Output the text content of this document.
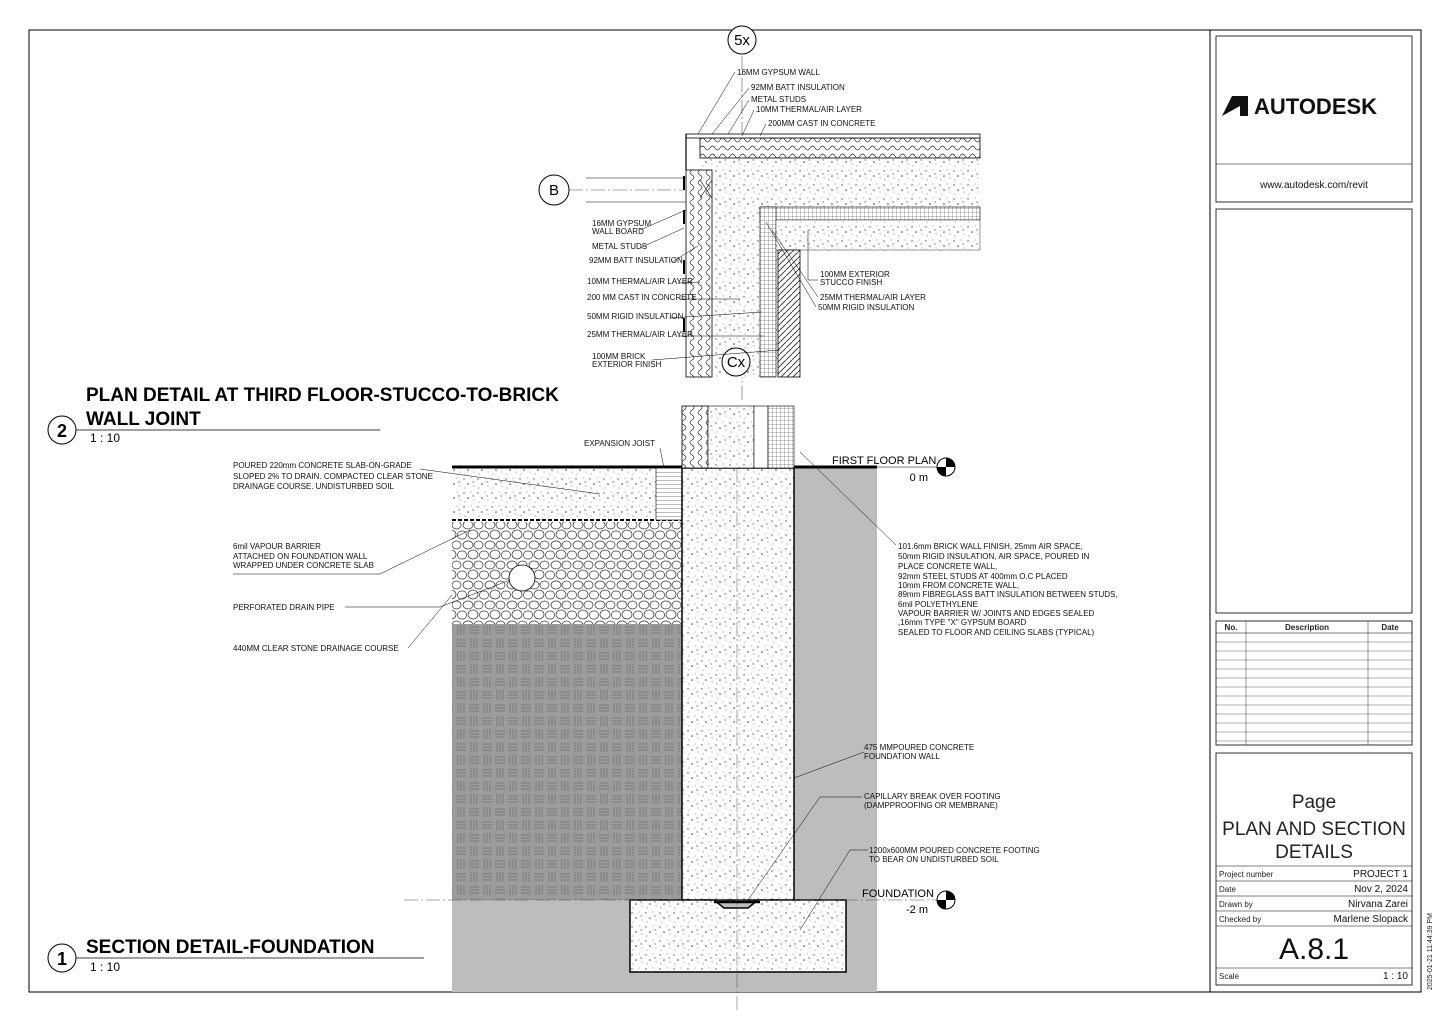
AUTODESK
www.autodesk.com/revit
No.	Description	Date
Page
PLAN AND SECTION
DETAILS
Project number	PROJECT 1
Date	Nov 2, 2024
Drawn by	Nirvana Zarei
Checked by	Marlene Slopack
A.8.1
Scale	1 : 10	2025-01-21 11:44:39 PM
5x
B
Cx
16MM GYPSUM WALL
92MM BATT INSULATION
METAL STUDS
10MM THERMAL/AIR LAYER
200MM CAST IN CONCRETE
16MM GYPSUM
WALL BOARD
METAL STUDS
92MM BATT INSULATION
10MM THERMAL/AIR LAYER
200 MM CAST IN CONCRETE
50MM RIGID INSULATION
25MM THERMAL/AIR LAYER
100MM BRICK
EXTERIOR FINISH
100MM EXTERIOR
STUCCO FINISH
25MM THERMAL/AIR LAYER
50MM RIGID INSULATION
2
PLAN DETAIL AT THIRD FLOOR-STUCCO-TO-BRICK
WALL JOINT
1 : 10
FIRST FLOOR PLAN
0 m
FOUNDATION
-2 m
EXPANSION JOIST
POURED 220mm CONCRETE SLAB-ON-GRADE
SLOPED 2% TO DRAIN. COMPACTED CLEAR STONE
DRAINAGE COURSE. UNDISTURBED SOIL
6mil VAPOUR BARRIER
ATTACHED ON FOUNDATION WALL
WRAPPED UNDER CONCRETE SLAB
PERFORATED DRAIN PIPE
440MM CLEAR STONE DRAINAGE COURSE
101.6mm BRICK WALL FINISH, 25mm AIR SPACE,
50mm RIGID INSULATION, AIR SPACE, POURED IN
PLACE CONCRETE WALL,
92mm STEEL STUDS AT 400mm O.C PLACED
10mm FROM CONCRETE WALL,
89mm FIBREGLASS BATT INSULATION BETWEEN STUDS,
6mil POLYETHYLENE
VAPOUR BARRIER W/ JOINTS AND EDGES SEALED
,16mm TYPE "X" GYPSUM BOARD
SEALED TO FLOOR AND CEILING SLABS (TYPICAL)
475 MMPOURED CONCRETE
FOUNDATION WALL
CAPILLARY BREAK OVER FOOTING
(DAMPPROOFING OR MEMBRANE)
1200x600MM POURED CONCRETE FOOTING
TO BEAR ON UNDISTURBED SOIL
1
SECTION DETAIL-FOUNDATION
1 : 10
